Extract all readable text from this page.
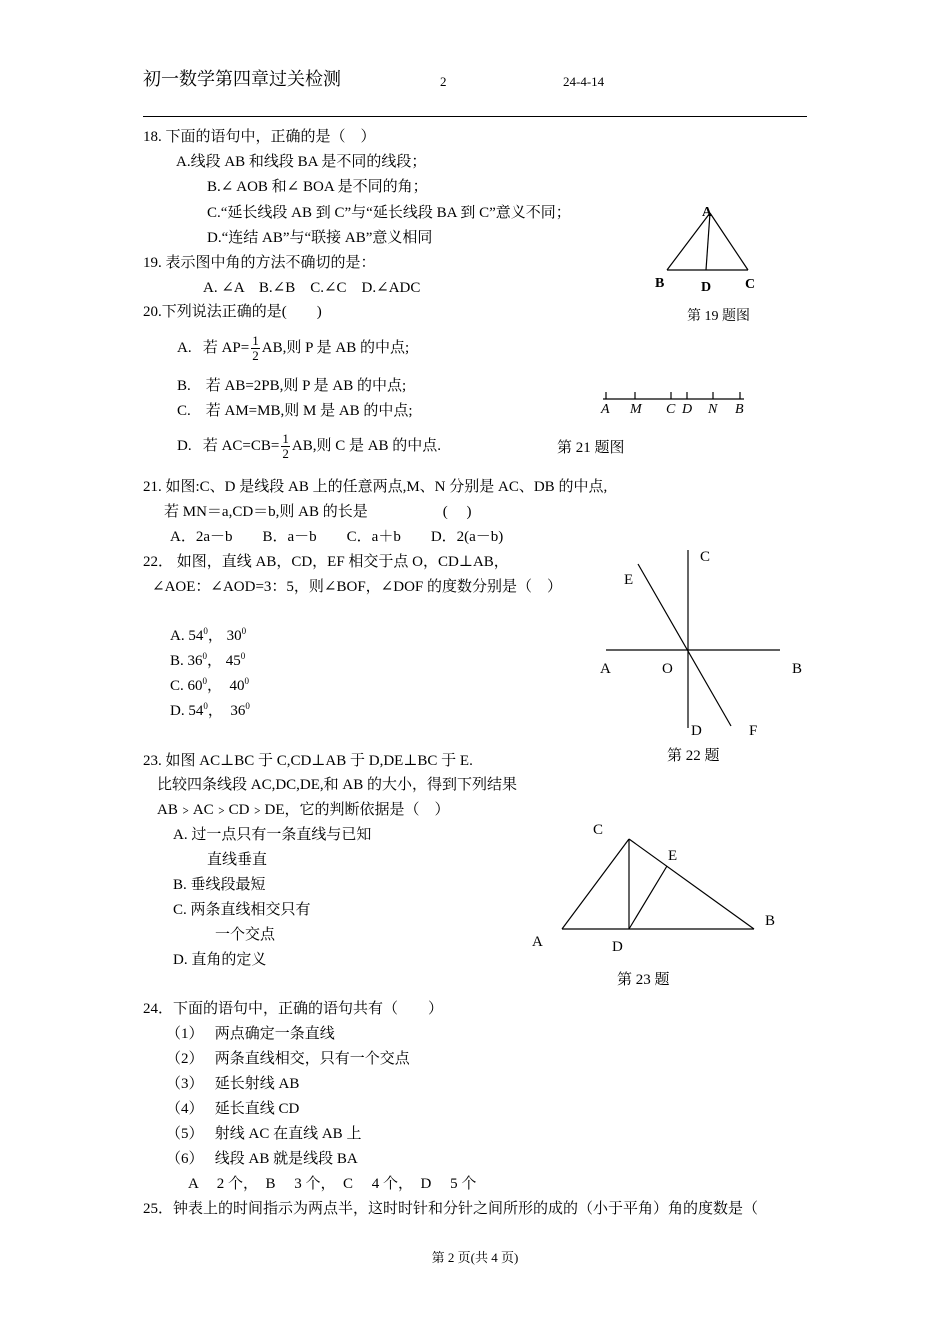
初一数学第四章过关检测	2	24-4-14
18. 下面的语句中，正确的是（　）
A.线段 AB 和线段 BA 是不同的线段；
B.∠ AOB 和∠ BOA 是不同的角；
C.“延长线段 AB 到 C”与“延长线段 BA 到 C”意义不同；
D.“连结 AB”与“联接 AB”意义相同
19. 表示图中角的方法不确切的是：
A. ∠A　B.∠B　C.∠C　D.∠ADC
A
B	D C
第 19 题图
20.下列说法正确的是(　　)
A. 若 $AP= \frac{1}{2}$ AB,则 P 是 AB 的中点;
B.　若 AB=2PB,则 P 是 AB 的中点;
C.　若 AM=MB,则 M 是 AB 的中点;
D. 若 $AC=CB= \frac{1}{2}$ AB,则 C 是 AB 的中点.
A M C D N B
第 21 题图
21. 如图:C、D 是线段 AB 上的任意两点,M、N 分别是 AC、DB 的中点,
若 MN＝a,CD＝b,则 AB 的长是　　　　　(　 )
A．2a－b　　B．a－b　　C．a＋b　　D．2(a－b)
22． 如图，直线 AB，CD，EF 相交于点 O，CD⊥AB，
∠AOE：∠AOD=3：5，则∠BOF，∠DOF 的度数分别是（　）
A. $54^0$， $30^0$
B. $36^0$， $45^0$
C. $60^0$，  $40^0$
D. $54^0$，  $36^0$
C
E
A	O	B
D	F
第 22 题
23. 如图 AC⊥BC 于 C,CD⊥AB 于 D,DE⊥BC 于 E.
比较四条线段 AC,DC,DE,和 AB 的大小，得到下列结果
AB﹥AC﹥CD﹥DE，它的判断依据是（　）
A. 过一点只有一条直线与已知
直线垂直
B. 垂线段最短
C. 两条直线相交只有
一个交点
D. 直角的定义
C
E
B
A	D
第 23 题
24．下面的语句中，正确的语句共有（　　）
（1） 两点确定一条直线
（2） 两条直线相交，只有一个交点
（3） 延长射线 AB
（4） 延长直线 CD
（5） 射线 AC 在直线 AB 上
（6） 线段 AB 就是线段 BA
A　 2 个，　B　 3 个，　C　 4 个，　D　 5 个
25．钟表上的时间指示为两点半，这时时针和分针之间所形的成的（小于平角）角的度数是（
第 2 页(共 4 页)
